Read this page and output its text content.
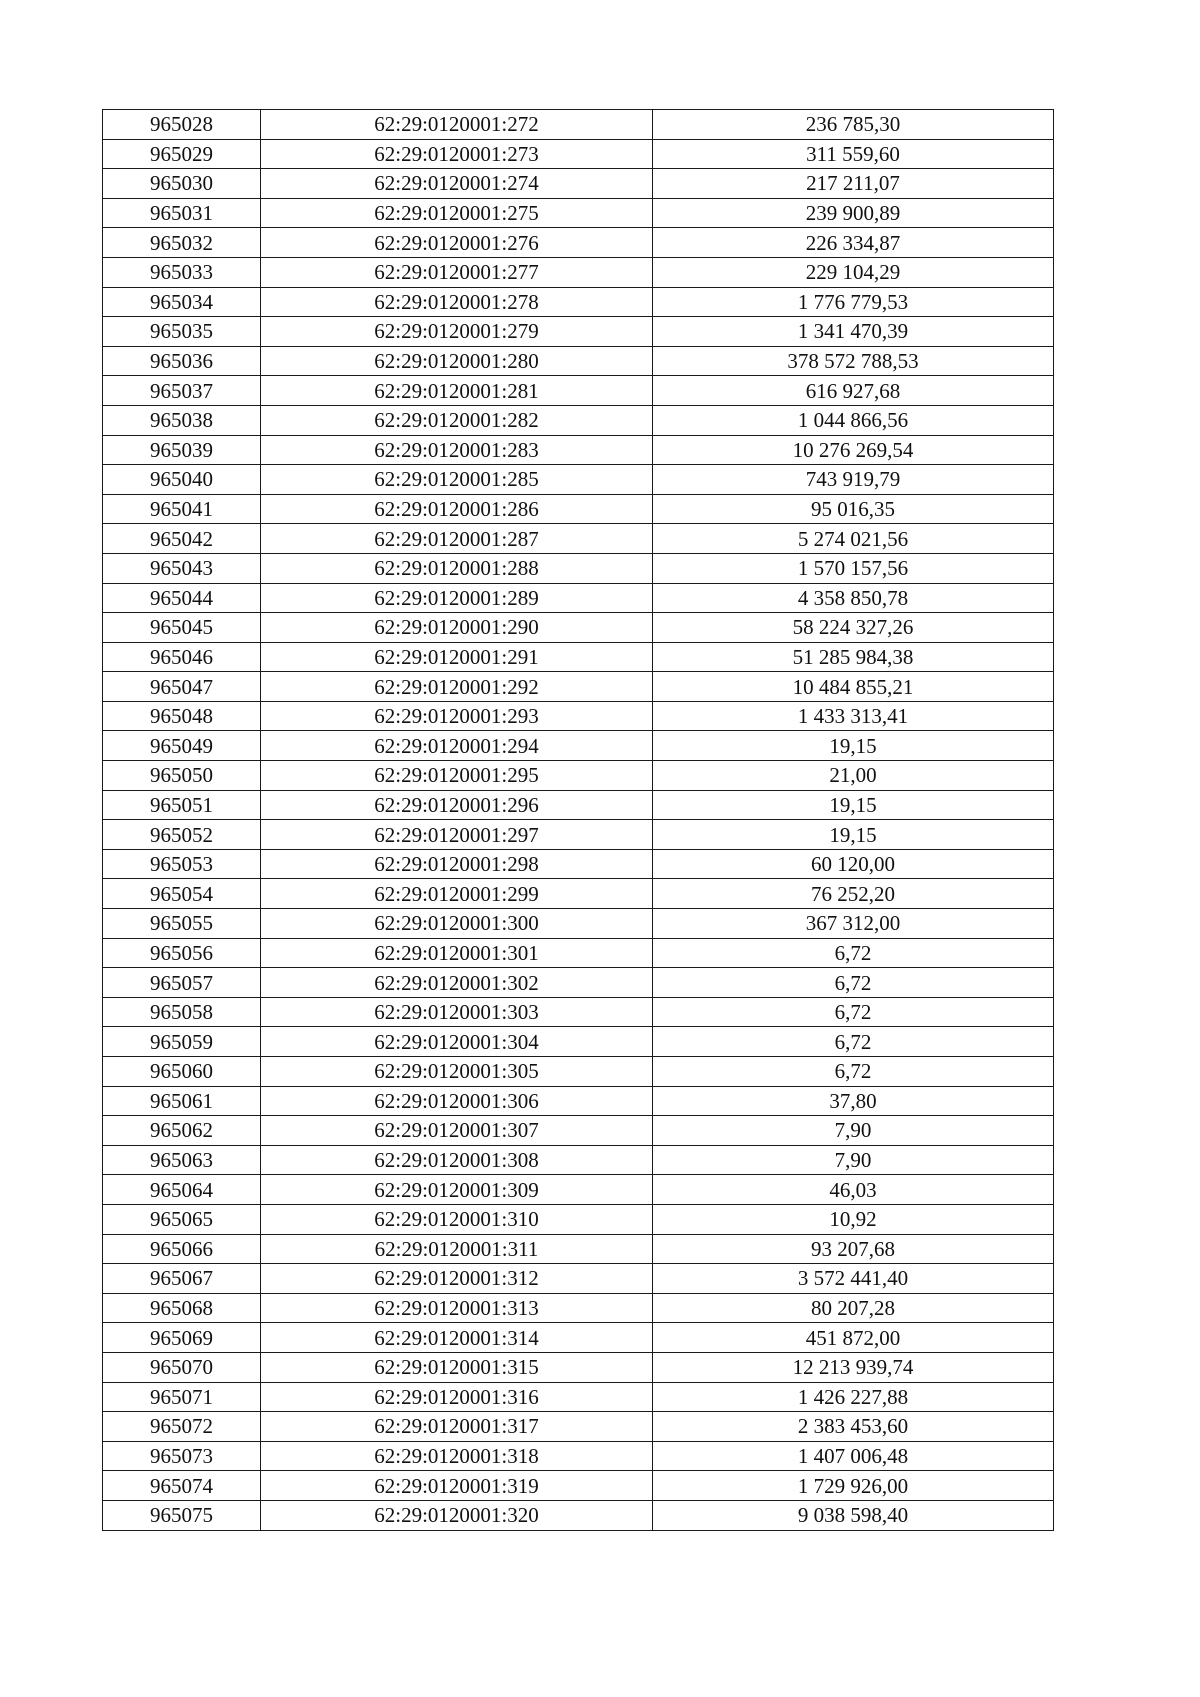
965028	62:29:0120001:272	236 785,30
965029	62:29:0120001:273	311 559,60
965030	62:29:0120001:274	217 211,07
965031	62:29:0120001:275	239 900,89
965032	62:29:0120001:276	226 334,87
965033	62:29:0120001:277	229 104,29
965034	62:29:0120001:278	1 776 779,53
965035	62:29:0120001:279	1 341 470,39
965036	62:29:0120001:280	378 572 788,53
965037	62:29:0120001:281	616 927,68
965038	62:29:0120001:282	1 044 866,56
965039	62:29:0120001:283	10 276 269,54
965040	62:29:0120001:285	743 919,79
965041	62:29:0120001:286	95 016,35
965042	62:29:0120001:287	5 274 021,56
965043	62:29:0120001:288	1 570 157,56
965044	62:29:0120001:289	4 358 850,78
965045	62:29:0120001:290	58 224 327,26
965046	62:29:0120001:291	51 285 984,38
965047	62:29:0120001:292	10 484 855,21
965048	62:29:0120001:293	1 433 313,41
965049	62:29:0120001:294	19,15
965050	62:29:0120001:295	21,00
965051	62:29:0120001:296	19,15
965052	62:29:0120001:297	19,15
965053	62:29:0120001:298	60 120,00
965054	62:29:0120001:299	76 252,20
965055	62:29:0120001:300	367 312,00
965056	62:29:0120001:301	6,72
965057	62:29:0120001:302	6,72
965058	62:29:0120001:303	6,72
965059	62:29:0120001:304	6,72
965060	62:29:0120001:305	6,72
965061	62:29:0120001:306	37,80
965062	62:29:0120001:307	7,90
965063	62:29:0120001:308	7,90
965064	62:29:0120001:309	46,03
965065	62:29:0120001:310	10,92
965066	62:29:0120001:311	93 207,68
965067	62:29:0120001:312	3 572 441,40
965068	62:29:0120001:313	80 207,28
965069	62:29:0120001:314	451 872,00
965070	62:29:0120001:315	12 213 939,74
965071	62:29:0120001:316	1 426 227,88
965072	62:29:0120001:317	2 383 453,60
965073	62:29:0120001:318	1 407 006,48
965074	62:29:0120001:319	1 729 926,00
965075	62:29:0120001:320	9 038 598,40
